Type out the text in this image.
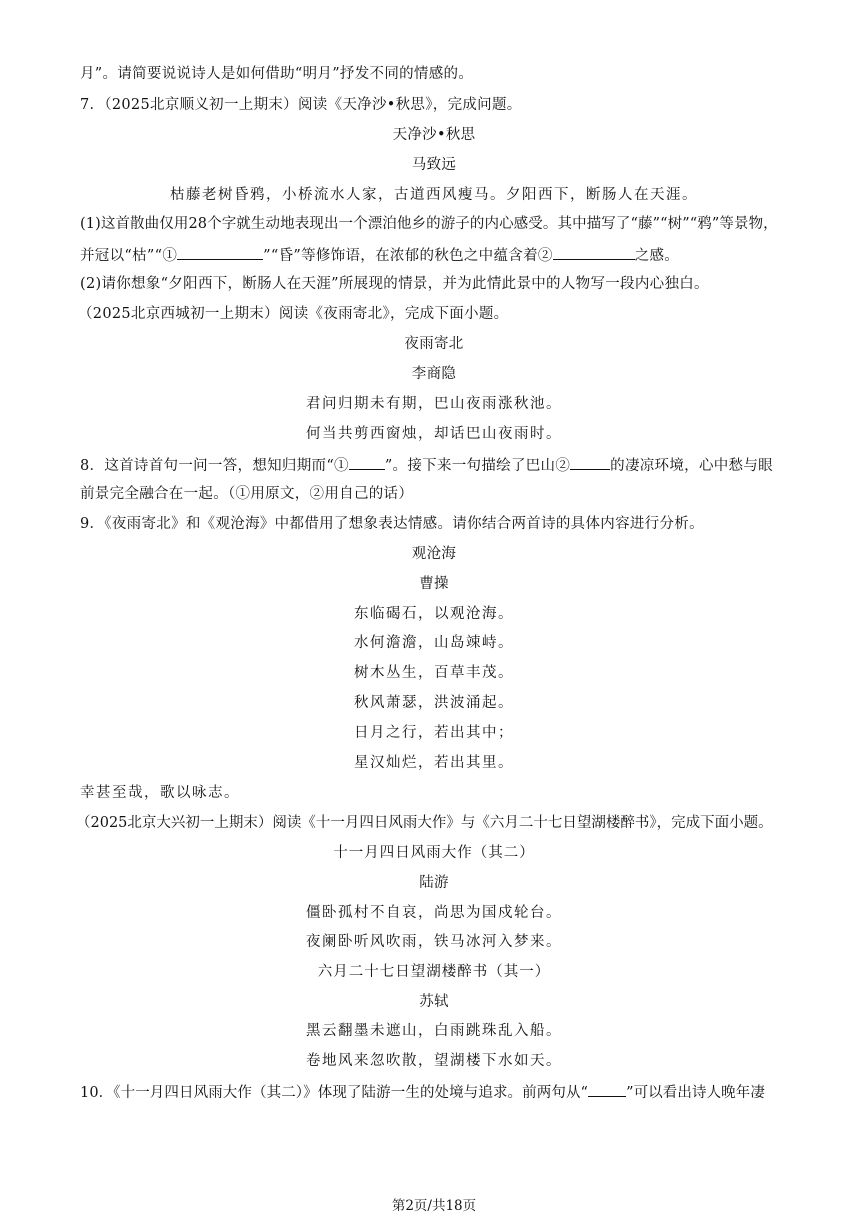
月”。请简要说说诗人是如何借助“明月”抒发不同的情感的。
7．（2025北京顺义初一上期末）阅读《天净沙•秋思》，完成问题。
天净沙•秋思
马致远
枯藤老树昏鸦，小桥流水人家，古道西风瘦马。夕阳西下，断肠人在天涯。
(1)这首散曲仅用28个字就生动地表现出一个漂泊他乡的游子的内心感受。其中描写了“藤”“树”“鸦”等景物，
并冠以“枯”“①	”“昏”等修饰语，在浓郁的秋色之中蕴含着②	之感。
(2)请你想象“夕阳西下，断肠人在天涯”所展现的情景，并为此情此景中的人物写一段内心独白。
（2025北京西城初一上期末）阅读《夜雨寄北》，完成下面小题。
夜雨寄北
李商隐
君问归期未有期，巴山夜雨涨秋池。
何当共剪西窗烛，却话巴山夜雨时。
8．这首诗首句一问一答，想知归期而“① ”。接下来一句描绘了巴山②	的凄凉环境，心中愁与眼
前景完全融合在一起。（①用原文，②用自己的话）
9．《夜雨寄北》和《观沧海》中都借用了想象表达情感。请你结合两首诗的具体内容进行分析。
观沧海
曹操
东临碣石，以观沧海。
水何澹澹，山岛竦峙。
树木丛生，百草丰茂。
秋风萧瑟，洪波涌起。
日月之行，若出其中；
星汉灿烂，若出其里。
幸甚至哉，歌以咏志。
（2025北京大兴初一上期末）阅读《十一月四日风雨大作》与《六月二十七日望湖楼醉书》，完成下面小题。
十一月四日风雨大作（其二）
陆游
僵卧孤村不自哀，尚思为国戍轮台。
夜阑卧听风吹雨，铁马冰河入梦来。
六月二十七日望湖楼醉书（其一）
苏轼
黑云翻墨未遮山，白雨跳珠乱入船。
卷地风来忽吹散，望湖楼下水如天。
10．《十一月四日风雨大作（其二）》体现了陆游一生的处境与追求。前两句从“	”可以看出诗人晚年凄
第2页/共18页
